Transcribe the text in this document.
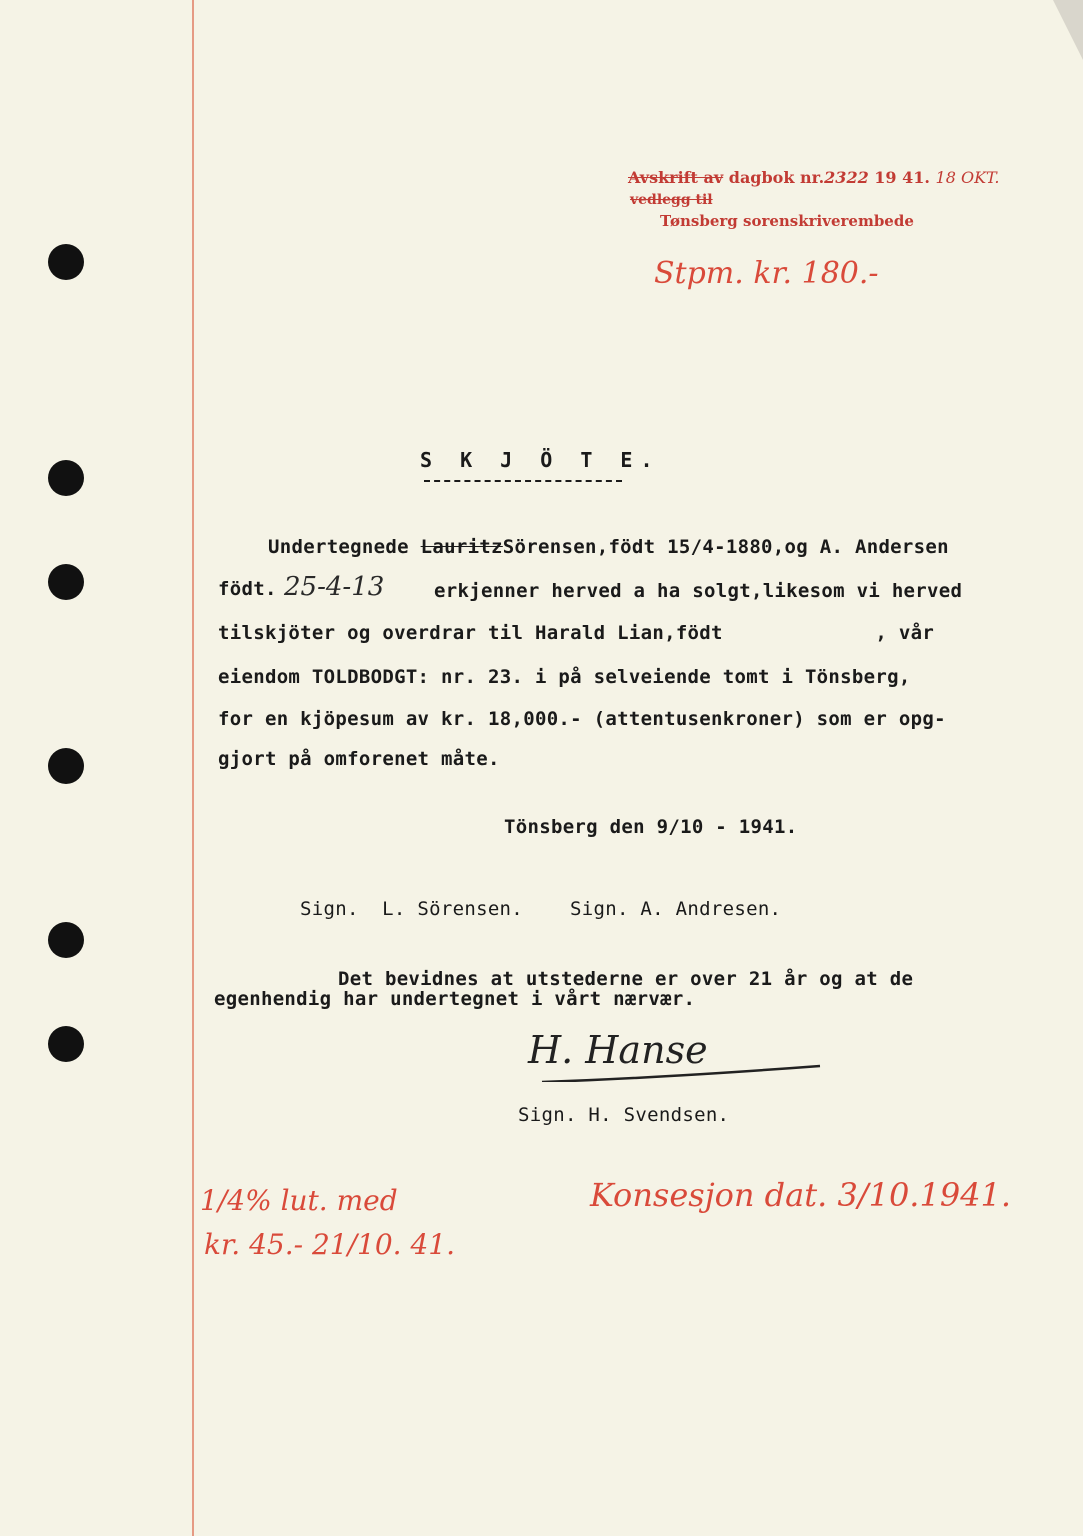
Avskrift av dagbok nr.2322 19 41. 18 OKT.
vedlegg til
Tønsberg sorenskriverembede
Stpm. kr. 180.-
S K J Ö T E.
Undertegnede LauritzSörensen,födt 15/4-1880,og A. Andersen
födt. 25-4-13	erkjenner herved a ha solgt,likesom vi herved
tilskjöter og overdrar til Harald Lian,födt             , vår
eiendom TOLDBODGT: nr. 23. i på selveiende tomt i Tönsberg,
for en kjöpesum av kr. 18,000.- (attentusenkroner) som er opg-
gjort på omforenet måte.
Tönsberg den 9/10 - 1941.
Sign.  L. Sörensen.    Sign. A. Andresen.
Det bevidnes at utstederne er over 21 år og at de
egenhendig har undertegnet i vårt nærvær.
H. Hanse
Sign. H. Svendsen.
1/4% lut. med
kr. 45.- 21/10. 41.
Konsesjon dat. 3/10.1941.
